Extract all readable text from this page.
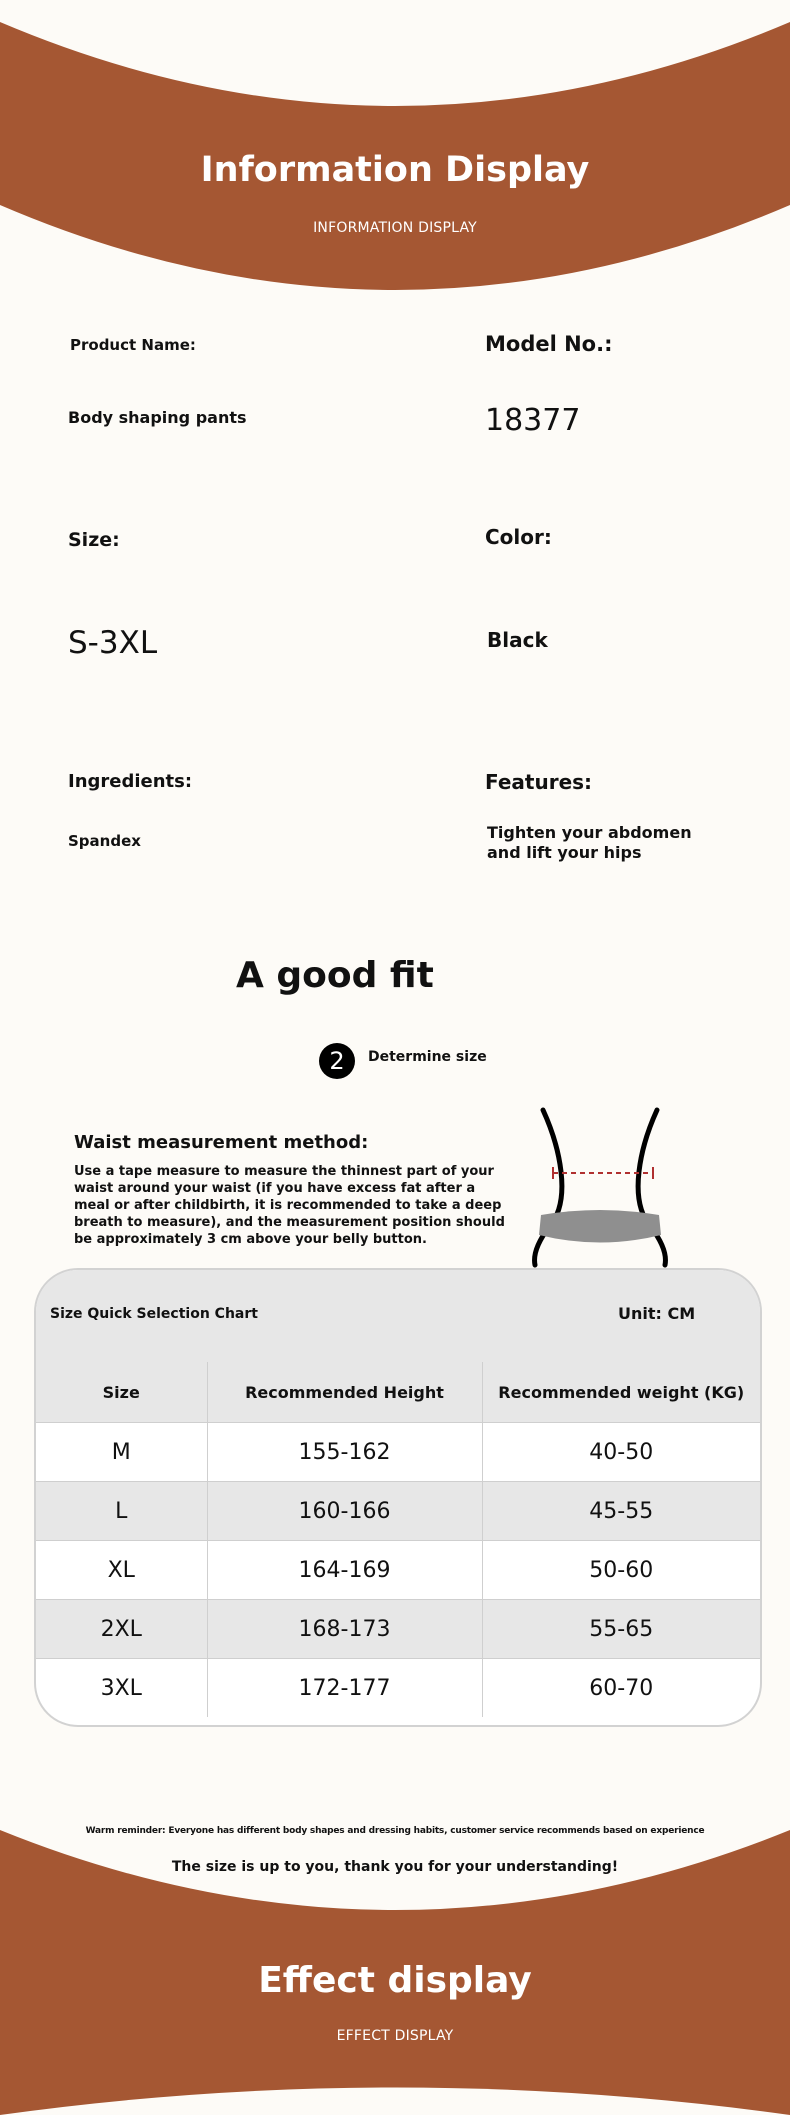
Information Display
INFORMATION DISPLAY
Product Name:
Body shaping pants
Model No.:
18377
Size:
S-3XL
Color:
Black
Ingredients:
Spandex
Features:
Tighten your abdomen and lift your hips
A good fit
2	Determine size
Waist measurement method:
Use a tape measure to measure the thinnest part of your waist around your waist (if you have excess fat after a meal or after childbirth, it is recommended to take a deep breath to measure), and the measurement position should be approximately 3 cm above your belly button.
Size Quick Selection Chart	Unit: CM
Size	Recommended Height	Recommended weight (KG)
M	155-162	40-50
L	160-166	45-55
XL	164-169	50-60
2XL	168-173	55-65
3XL	172-177	60-70
Warm reminder: Everyone has different body shapes and dressing habits, customer service recommends based on experience
The size is up to you, thank you for your understanding!
Effect display
EFFECT DISPLAY
